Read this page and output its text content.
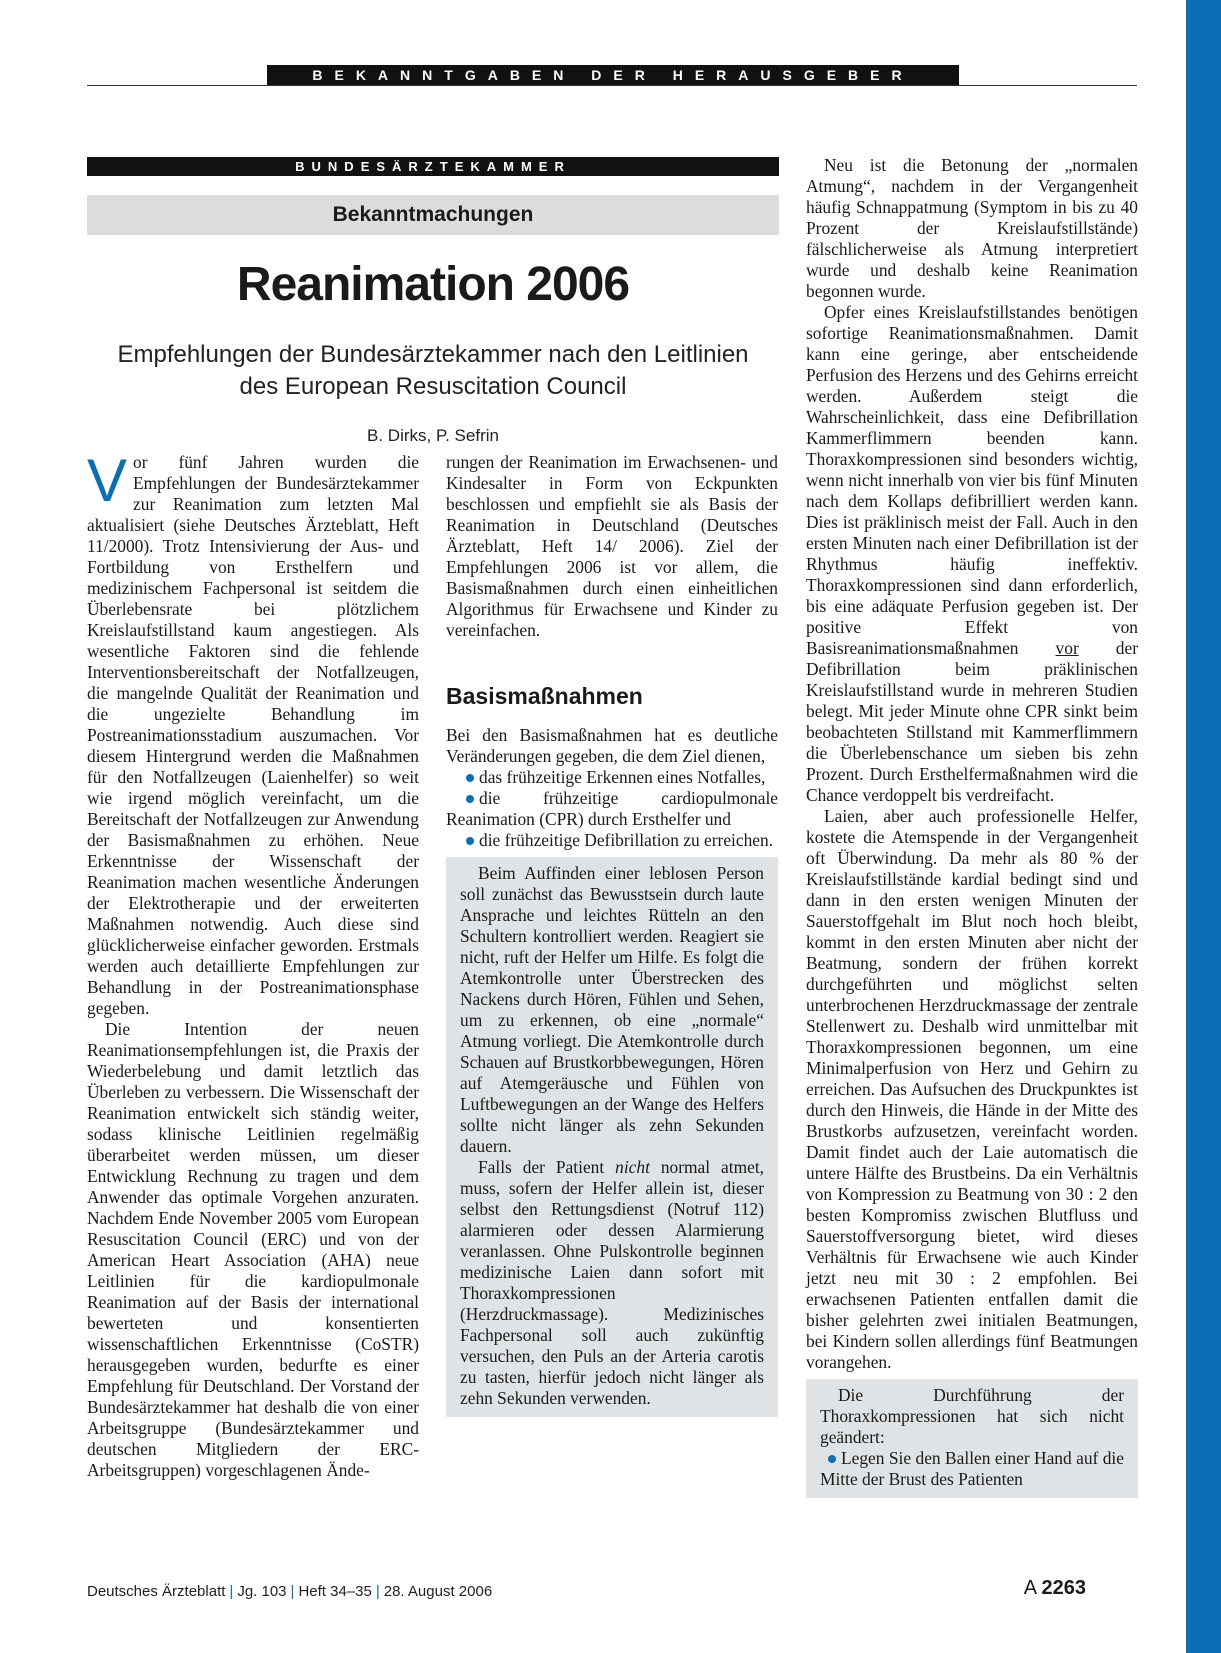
BEKANNTGABEN DER HERAUSGEBER
BUNDESÄRZTEKAMMER
Bekanntmachungen
Reanimation 2006
Empfehlungen der Bundesärztekammer nach den Leitlinien
des European Resuscitation Council
B. Dirks, P. Sefrin

Vor fünf Jahren wurden die Empfehlungen der Bundesärztekammer zur Reanimation zum letzten Mal aktualisiert (siehe Deutsches Ärzteblatt, Heft 11/2000). Trotz Intensivierung der Aus- und Fortbildung von Ersthelfern und medizinischem Fachpersonal ist seitdem die Überlebensrate bei plötzlichem Kreislaufstillstand kaum angestiegen. Als wesentliche Faktoren sind die fehlende Interventionsbereitschaft der Notfallzeugen, die mangelnde Qualität der Reanimation und die ungezielte Behandlung im Postreanimationsstadium auszumachen. Vor diesem Hintergrund werden die Maßnahmen für den Notfallzeugen (Laienhelfer) so weit wie irgend möglich vereinfacht, um die Bereitschaft der Notfallzeugen zur Anwendung der Basismaßnahmen zu erhöhen. Neue Erkenntnisse der Wissenschaft der Reanimation machen wesentliche Änderungen der Elektrotherapie und der erweiterten Maßnahmen notwendig. Auch diese sind glücklicherweise einfacher geworden. Erstmals werden auch detaillierte Empfehlungen zur Behandlung in der Postreanimationsphase gegeben.

Die Intention der neuen Reanimationsempfehlungen ist, die Praxis der Wiederbelebung und damit letztlich das Überleben zu verbessern. Die Wissenschaft der Reanimation entwickelt sich ständig weiter, sodass klinische Leitlinien regelmäßig überarbeitet werden müssen, um dieser Entwicklung Rechnung zu tragen und dem Anwender das optimale Vorgehen anzuraten. Nachdem Ende November 2005 vom European Resuscitation Council (ERC) und von der American Heart Association (AHA) neue Leitlinien für die kardiopulmonale Reanimation auf der Basis der international bewerteten und konsentierten wissenschaftlichen Erkenntnisse (CoSTR) herausgegeben wurden, bedurfte es einer Empfehlung für Deutschland. Der Vorstand der Bundesärztekammer hat deshalb die von einer Arbeitsgruppe (Bundesärztekammer und deutschen Mitgliedern der ERC-Arbeitsgruppen) vorgeschlagenen Ände-

rungen der Reanimation im Erwachsenen- und Kindesalter in Form von Eckpunkten beschlossen und empfiehlt sie als Basis der Reanimation in Deutschland (Deutsches Ärzteblatt, Heft 14/ 2006). Ziel der Empfehlungen 2006 ist vor allem, die Basismaßnahmen durch einen einheitlichen Algorithmus für Erwachsene und Kinder zu vereinfachen.

Basismaßnahmen

Bei den Basismaßnahmen hat es deutliche Veränderungen gegeben, die dem Ziel dienen,

das frühzeitige Erkennen eines Notfalles,
die frühzeitige cardiopulmonale Reanimation (CPR) durch Ersthelfer und
die frühzeitige Defibrillation zu erreichen.

Beim Auffinden einer leblosen Person soll zunächst das Bewusstsein durch laute Ansprache und leichtes Rütteln an den Schultern kontrolliert werden. Reagiert sie nicht, ruft der Helfer um Hilfe. Es folgt die Atemkontrolle unter Überstrecken des Nackens durch Hören, Fühlen und Sehen, um zu erkennen, ob eine „normale“ Atmung vorliegt. Die Atemkontrolle durch Schauen auf Brustkorbbewegungen, Hören auf Atemgeräusche und Fühlen von Luftbewegungen an der Wange des Helfers sollte nicht länger als zehn Sekunden dauern.

Falls der Patient nicht normal atmet, muss, sofern der Helfer allein ist, dieser selbst den Rettungsdienst (Notruf 112) alarmieren oder dessen Alarmierung veranlassen. Ohne Pulskontrolle beginnen medizinische Laien dann sofort mit Thoraxkompressionen (Herzdruckmassage). Medizinisches Fachpersonal soll auch zukünftig versuchen, den Puls an der Arteria carotis zu tasten, hierfür jedoch nicht länger als zehn Sekunden verwenden.

Neu ist die Betonung der „normalen Atmung“, nachdem in der Vergangenheit häufig Schnappatmung (Symptom in bis zu 40 Prozent der Kreislaufstillstände) fälschlicherweise als Atmung interpretiert wurde und deshalb keine Reanimation begonnen wurde.

Opfer eines Kreislaufstillstandes benötigen sofortige Reanimationsmaßnahmen. Damit kann eine geringe, aber entscheidende Perfusion des Herzens und des Gehirns erreicht werden. Außerdem steigt die Wahrscheinlichkeit, dass eine Defibrillation Kammerflimmern beenden kann. Thoraxkompressionen sind besonders wichtig, wenn nicht innerhalb von vier bis fünf Minuten nach dem Kollaps defibrilliert werden kann. Dies ist präklinisch meist der Fall. Auch in den ersten Minuten nach einer Defibrillation ist der Rhythmus häufig ineffektiv. Thoraxkompressionen sind dann erforderlich, bis eine adäquate Perfusion gegeben ist. Der positive Effekt von Basisreanimationsmaßnahmen vor der Defibrillation beim präklinischen Kreislaufstillstand wurde in mehreren Studien belegt. Mit jeder Minute ohne CPR sinkt beim beobachteten Stillstand mit Kammerflimmern die Überlebenschance um sieben bis zehn Prozent. Durch Ersthelfermaßnahmen wird die Chance verdoppelt bis verdreifacht.

Laien, aber auch professionelle Helfer, kostete die Atemspende in der Vergangenheit oft Überwindung. Da mehr als 80 % der Kreislaufstillstände kardial bedingt sind und dann in den ersten wenigen Minuten der Sauerstoffgehalt im Blut noch hoch bleibt, kommt in den ersten Minuten aber nicht der Beatmung, sondern der frühen korrekt durchgeführten und möglichst selten unterbrochenen Herzdruckmassage der zentrale Stellenwert zu. Deshalb wird unmittelbar mit Thoraxkompressionen begonnen, um eine Minimalperfusion von Herz und Gehirn zu erreichen. Das Aufsuchen des Druckpunktes ist durch den Hinweis, die Hände in der Mitte des Brustkorbs aufzusetzen, vereinfacht worden. Damit findet auch der Laie automatisch die untere Hälfte des Brustbeins. Da ein Verhältnis von Kompression zu Beatmung von 30 : 2 den besten Kompromiss zwischen Blutfluss und Sauerstoffversorgung bietet, wird dieses Verhältnis für Erwachsene wie auch Kinder jetzt neu mit 30 : 2 empfohlen. Bei erwachsenen Patienten entfallen damit die bisher gelehrten zwei initialen Beatmungen, bei Kindern sollen allerdings fünf Beatmungen vorangehen.

Die Durchführung der Thoraxkompressionen hat sich nicht geändert:

Legen Sie den Ballen einer Hand auf die Mitte der Brust des Patienten
Deutsches Ärzteblatt | Jg. 103 | Heft 34–35 | 28. August 2006	A 2263
